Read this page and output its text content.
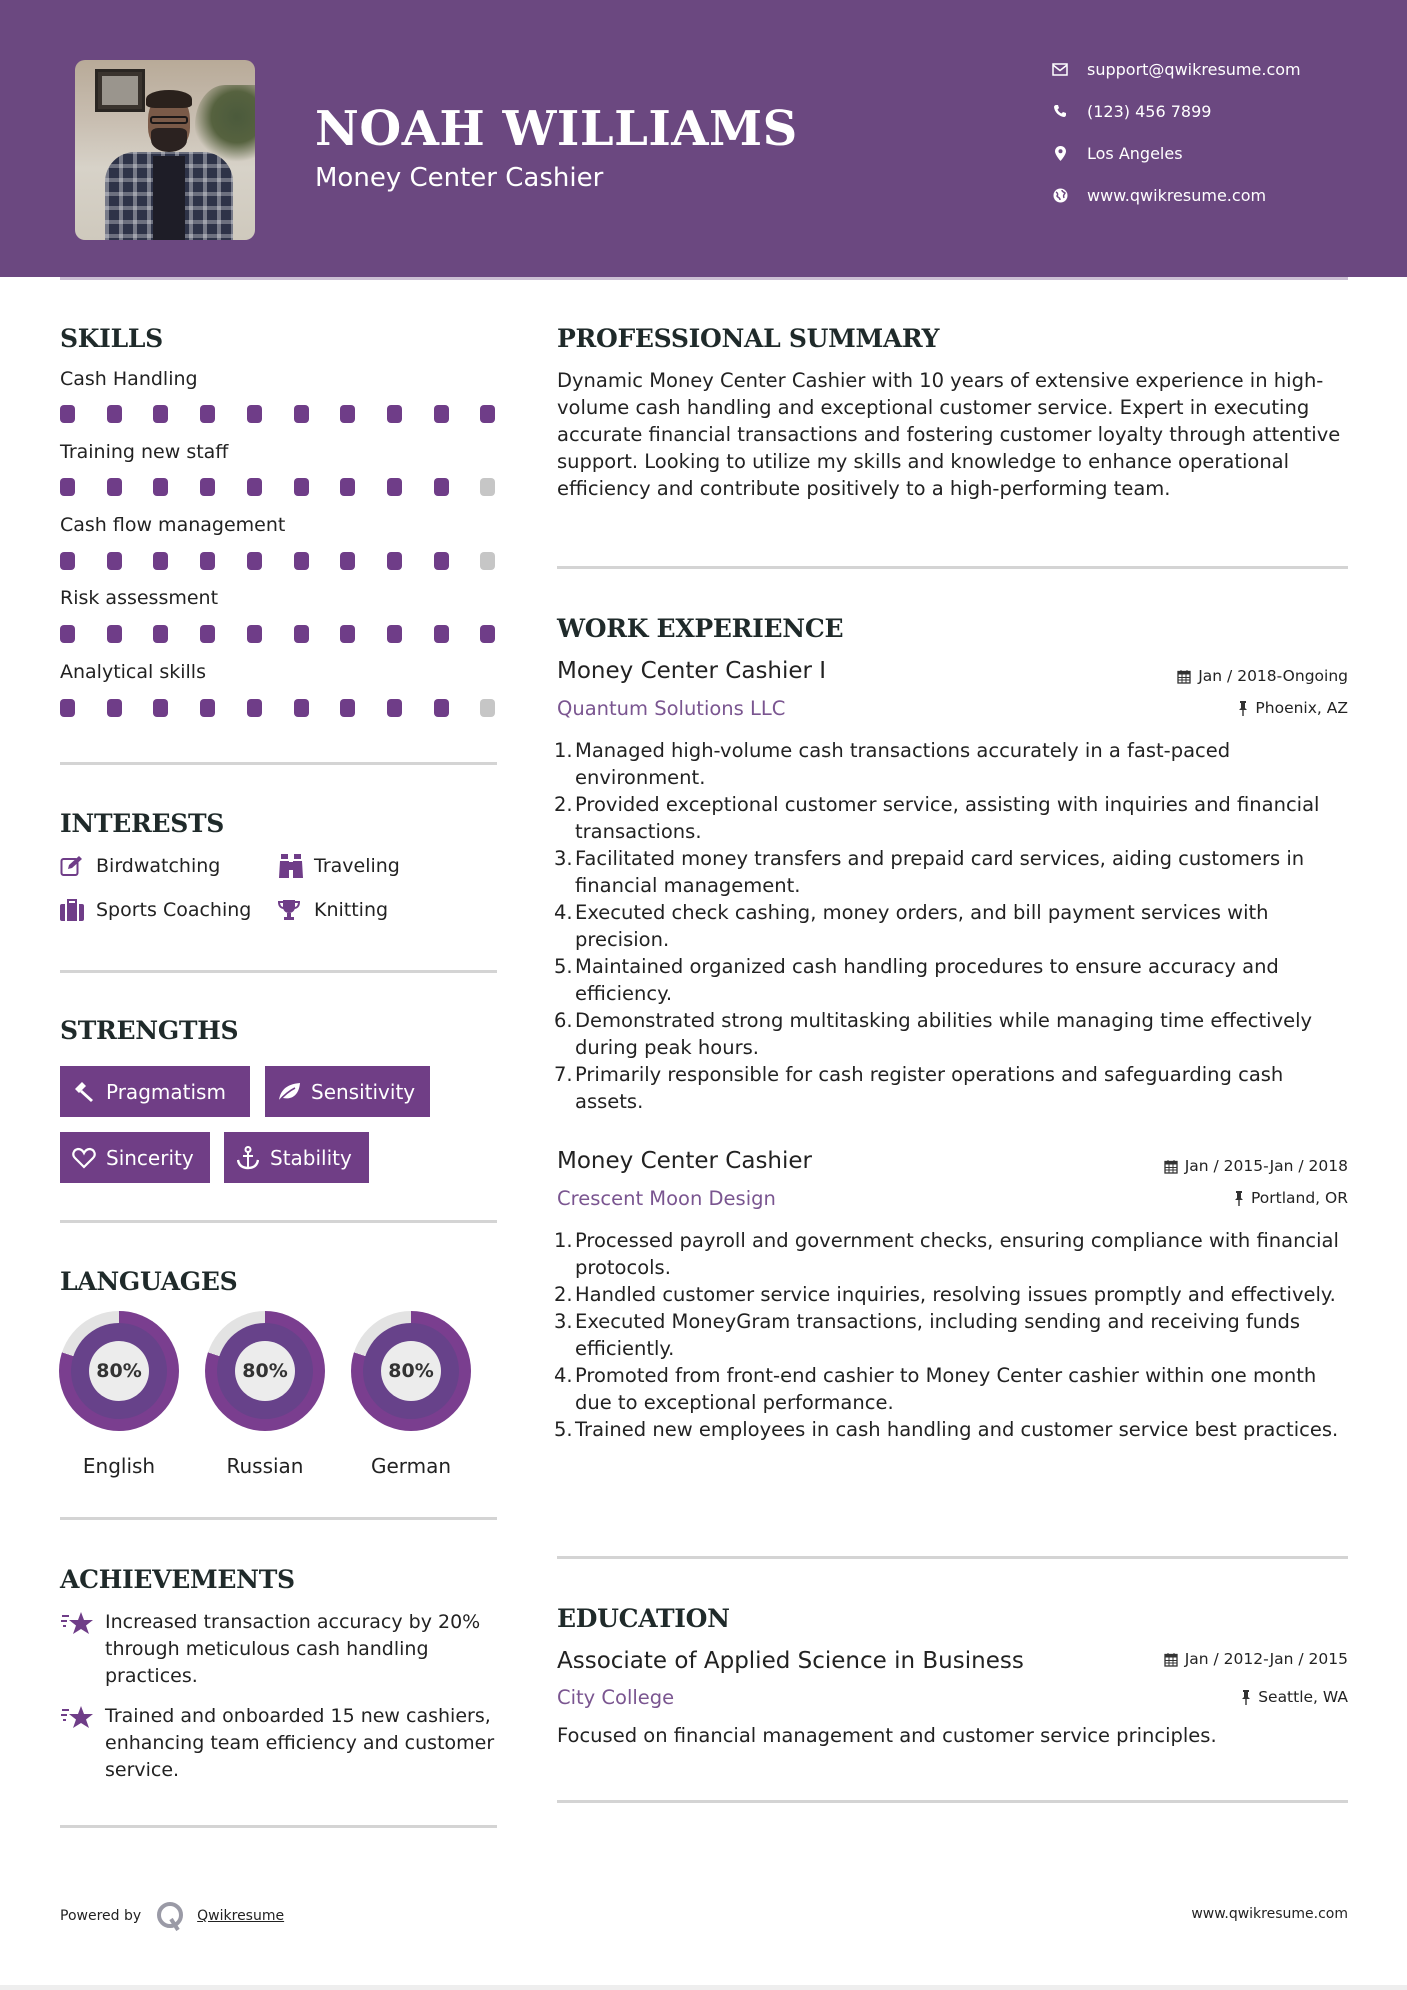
NOAH WILLIAMS
Money Center Cashier
support@qwikresume.com
(123) 456 7899
Los Angeles
www.qwikresume.com
SKILLS
Cash Handling
Training new staff
Cash flow management
Risk assessment
Analytical skills
INTERESTS
Birdwatching	Traveling
Sports Coaching	Knitting
STRENGTHS
Pragmatism	Sensitivity
Sincerity	Stability
LANGUAGES
80%
English
80%
Russian
80%
German
ACHIEVEMENTS
Increased transaction accuracy by 20% through meticulous cash handling practices.
Trained and onboarded 15 new cashiers, enhancing team efficiency and customer service.
PROFESSIONAL SUMMARY
Dynamic Money Center Cashier with 10 years of extensive experience in high-volume cash handling and exceptional customer service. Expert in executing accurate financial transactions and fostering customer loyalty through attentive support. Looking to utilize my skills and knowledge to enhance operational efficiency and contribute positively to a high-performing team.
WORK EXPERIENCE
Money Center Cashier I	Jan / 2018-Ongoing
Quantum Solutions LLC	Phoenix, AZ
1. Managed high-volume cash transactions accurately in a fast-paced environment.
2. Provided exceptional customer service, assisting with inquiries and financial transactions.
3. Facilitated money transfers and prepaid card services, aiding customers in financial management.
4. Executed check cashing, money orders, and bill payment services with precision.
5. Maintained organized cash handling procedures to ensure accuracy and efficiency.
6. Demonstrated strong multitasking abilities while managing time effectively during peak hours.
7. Primarily responsible for cash register operations and safeguarding cash assets.
Money Center Cashier	Jan / 2015-Jan / 2018
Crescent Moon Design	Portland, OR
1. Processed payroll and government checks, ensuring compliance with financial protocols.
2. Handled customer service inquiries, resolving issues promptly and effectively.
3. Executed MoneyGram transactions, including sending and receiving funds efficiently.
4. Promoted from front-end cashier to Money Center cashier within one month due to exceptional performance.
5. Trained new employees in cash handling and customer service best practices.
EDUCATION
Associate of Applied Science in Business	Jan / 2012-Jan / 2015
City College	Seattle, WA
Focused on financial management and customer service principles.
Powered by	Qwikresume	www.qwikresume.com
